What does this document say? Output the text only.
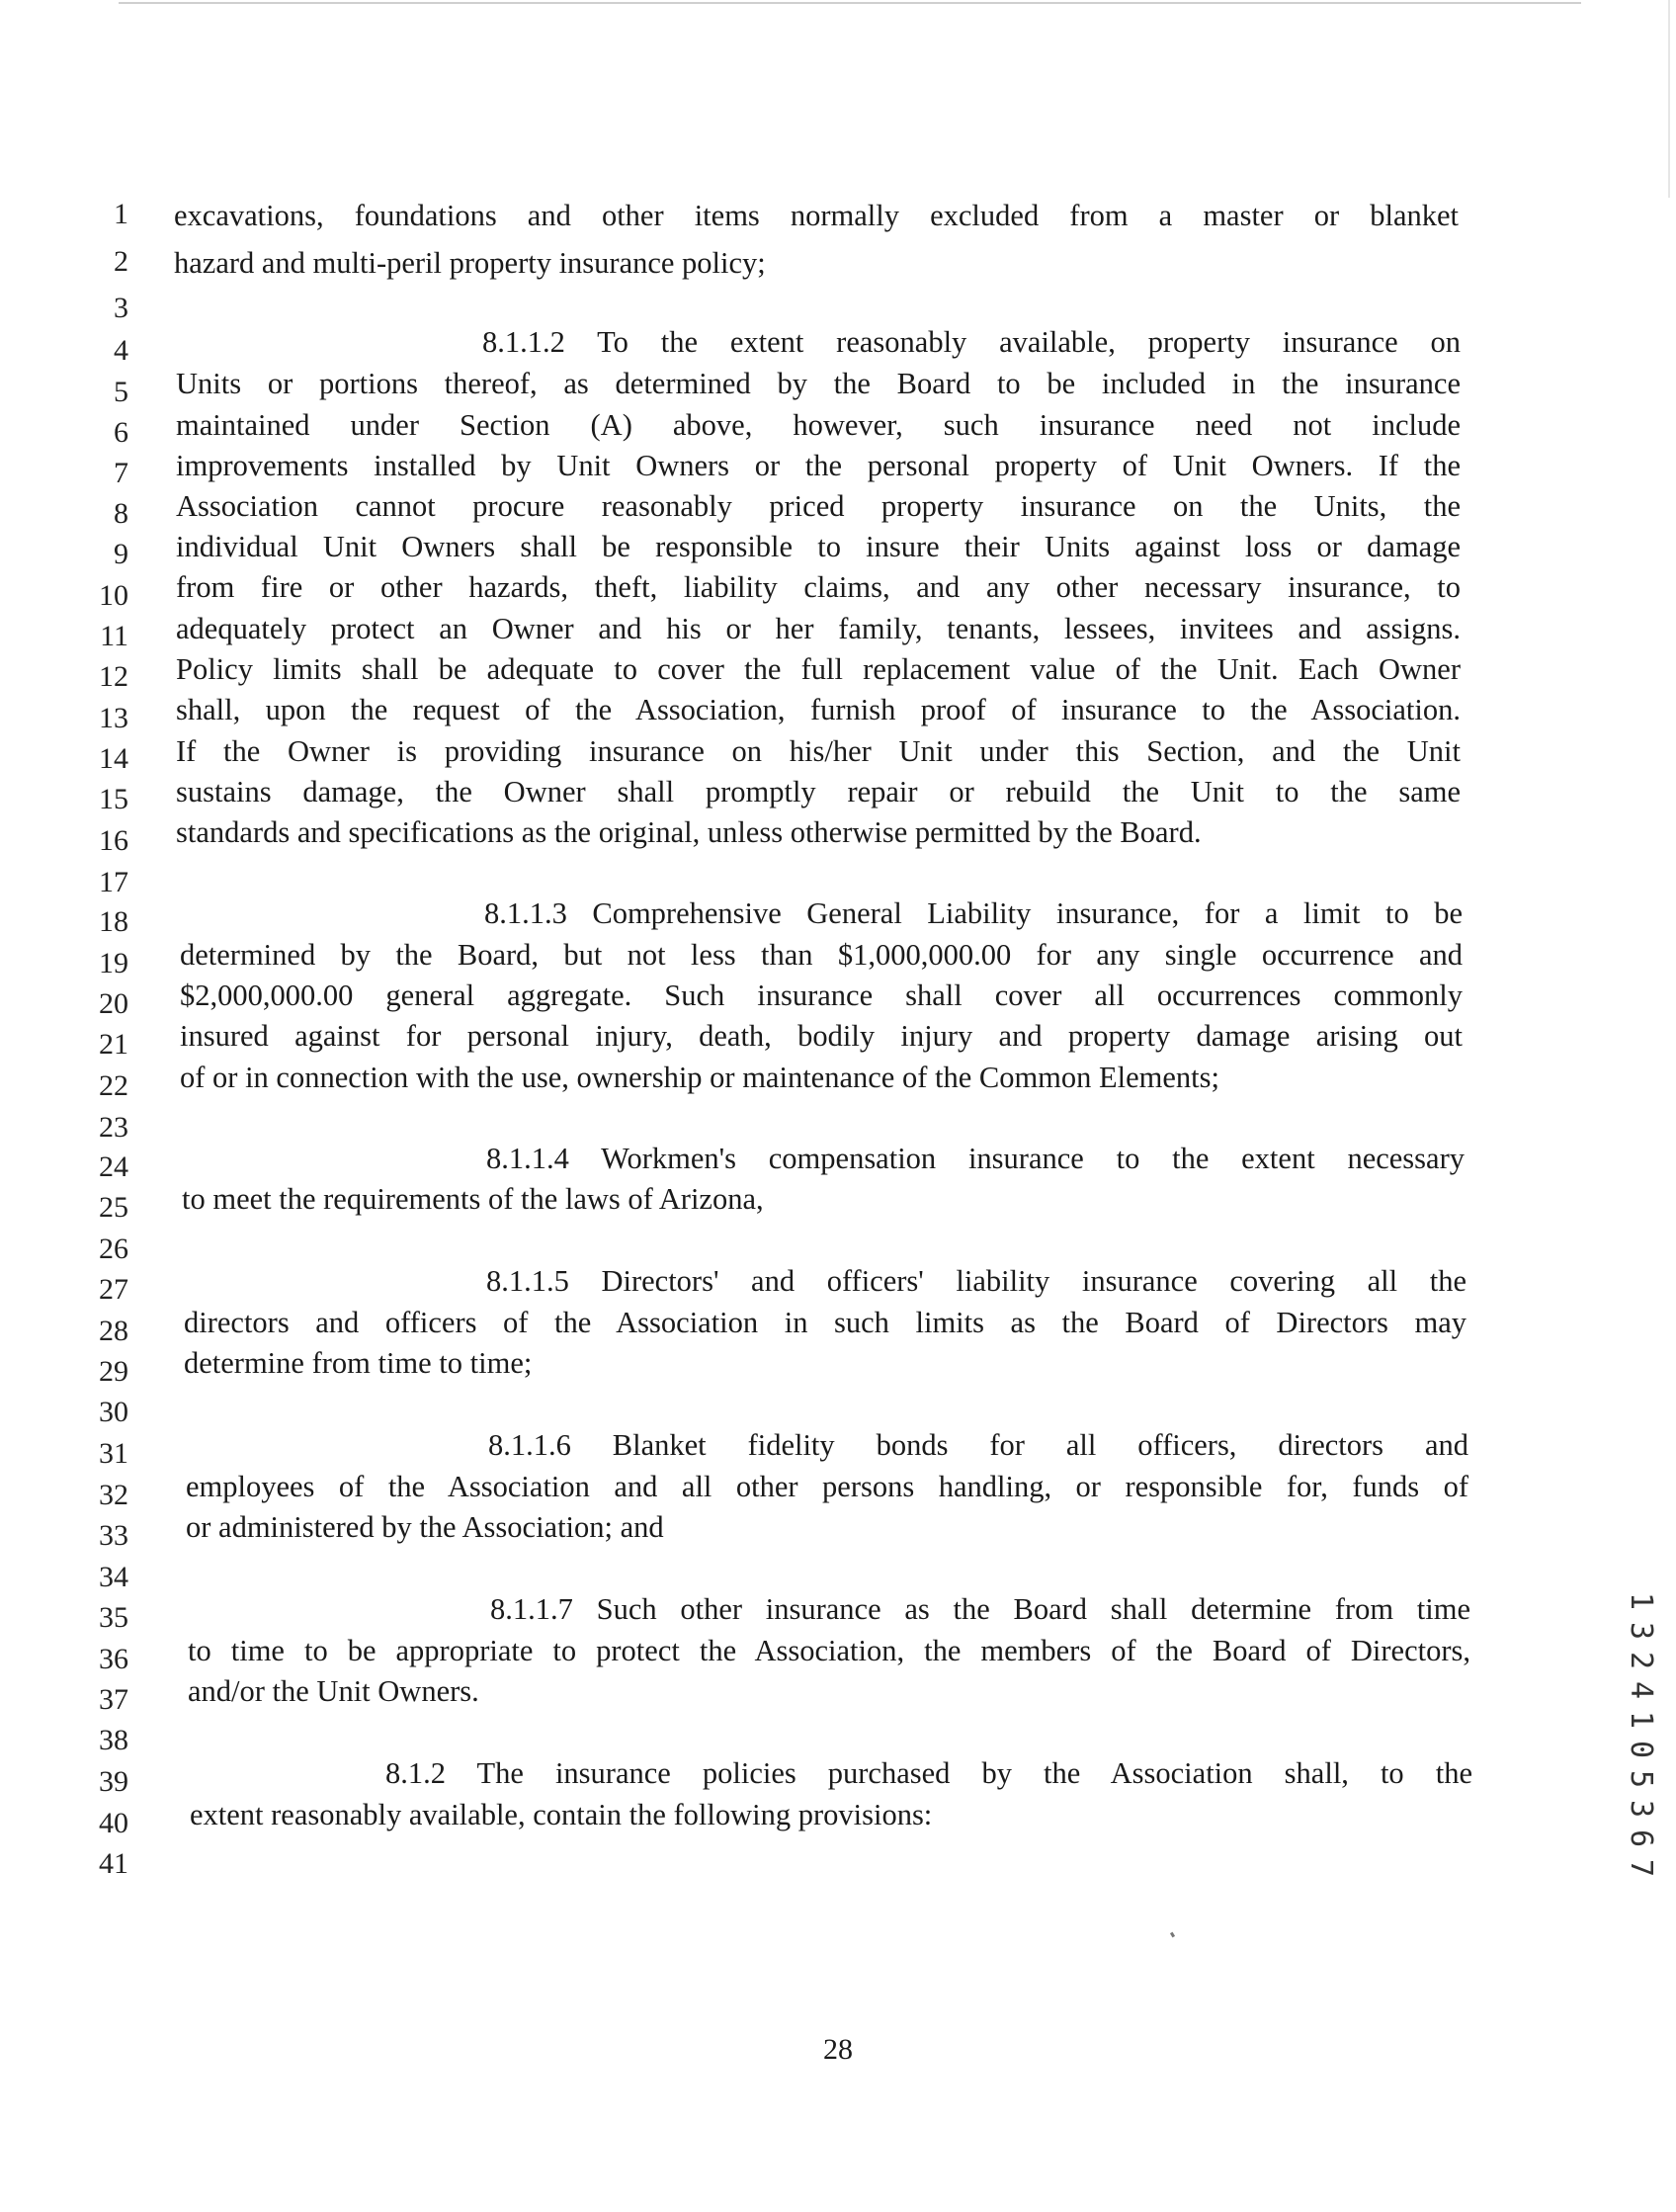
1
2
3
4
5
6
7
8
9
10
11
12
13
14
15
16
17
18
19
20
21
22
23
24
25
26
27
28
29
30
31
32
33
34
35
36
37
38
39
40
41
excavations, foundations and other items normally excluded from a master or blanket
hazard and multi-peril property insurance policy;
8.1.1.2 To the extent reasonably available, property insurance on
Units or portions thereof, as determined by the Board to be included in the insurance
maintained under Section (A) above, however, such insurance need not include
improvements installed by Unit Owners or the personal property of Unit Owners. If the
Association cannot procure reasonably priced property insurance on the Units, the
individual Unit Owners shall be responsible to insure their Units against loss or damage
from fire or other hazards, theft, liability claims, and any other necessary insurance, to
adequately protect an Owner and his or her family, tenants, lessees, invitees and assigns.
Policy limits shall be adequate to cover the full replacement value of the Unit. Each Owner
shall, upon the request of the Association, furnish proof of insurance to the Association.
If the Owner is providing insurance on his/her Unit under this Section, and the Unit
sustains damage, the Owner shall promptly repair or rebuild the Unit to the same
standards and specifications as the original, unless otherwise permitted by the Board.
8.1.1.3 Comprehensive General Liability insurance, for a limit to be
determined by the Board, but not less than $1,000,000.00 for any single occurrence and
$2,000,000.00 general aggregate. Such insurance shall cover all occurrences commonly
insured against for personal injury, death, bodily injury and property damage arising out
of or in connection with the use, ownership or maintenance of the Common Elements;
8.1.1.4 Workmen's compensation insurance to the extent necessary
to meet the requirements of the laws of Arizona,
8.1.1.5 Directors' and officers' liability insurance covering all the
directors and officers of the Association in such limits as the Board of Directors may
determine from time to time;
8.1.1.6 Blanket fidelity bonds for all officers, directors and
employees of the Association and all other persons handling, or responsible for, funds of
or administered by the Association; and
8.1.1.7 Such other insurance as the Board shall determine from time
to time to be appropriate to protect the Association, the members of the Board of Directors,
and/or the Unit Owners.
8.1.2 The insurance policies purchased by the Association shall, to the
extent reasonably available, contain the following provisions:
28
1
3
2
4
1
0
5
3
6
7
